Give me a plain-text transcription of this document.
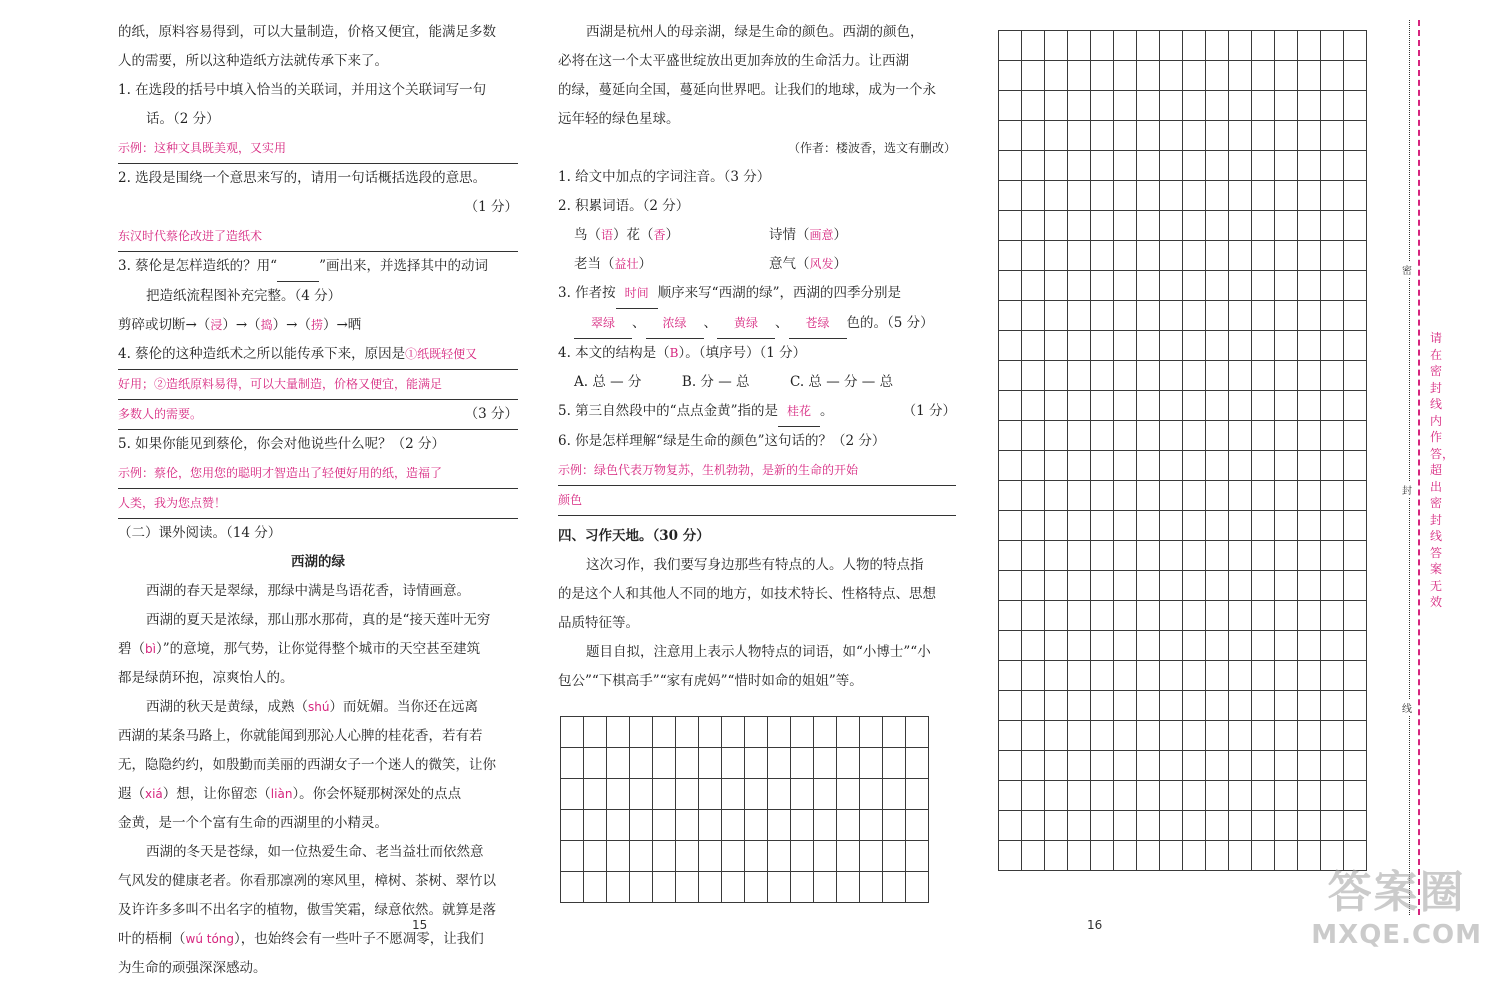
的纸，原料容易得到，可以大量制造，价格又便宜，能满足多数

人的需要，所以这种造纸方法就传承下来了。

1. 在选段的括号中填入恰当的关联词，并用这个关联词写一句

话。（2 分）

示例：这种文具既美观，又实用

2. 选段是围绕一个意思来写的，请用一句话概括选段的意思。

（1 分）

东汉时代蔡伦改进了造纸术

3. 蔡伦是怎样造纸的？用“	”画出来，并选择其中的动词

把造纸流程图补充完整。（4 分）

剪碎或切断→（浸）→（捣）→（捞）→晒

4. 蔡伦的这种造纸术之所以能传承下来，原因是①纸既轻便又

好用；②造纸原料易得，可以大量制造，价格又便宜，能满足

多数人的需要。	（3 分）

5. 如果你能见到蔡伦，你会对他说些什么呢？（2 分）

示例：蔡伦，您用您的聪明才智造出了轻便好用的纸，造福了

人类，我为您点赞！

（二）课外阅读。（14 分）

西湖的绿

西湖的春天是翠绿，那绿中满是鸟语花香，诗情画意。

西湖的夏天是浓绿，那山那水那荷，真的是“接天莲叶无穷

碧（bì）”的意境，那气势，让你觉得整个城市的天空甚至建筑

都是绿荫环抱，凉爽怡人的。

西湖的秋天是黄绿，成熟（shú）而妩媚。当你还在远离

西湖的某条马路上，你就能闻到那沁人心脾的桂花香，若有若

无，隐隐约约，如殷勤而美丽的西湖女子一个迷人的微笑，让你

遐（xiá）想，让你留恋（liàn）。你会怀疑那树深处的点点

金黄，是一个个富有生命的西湖里的小精灵。

西湖的冬天是苍绿，如一位热爱生命、老当益壮而依然意

气风发的健康老者。你看那凛冽的寒风里，樟树、茶树、翠竹以

及许许多多叫不出名字的植物，傲雪笑霜，绿意依然。就算是落

叶的梧桐（wú tóng），也始终会有一些叶子不愿凋零，让我们

为生命的顽强深深感动。

西湖是杭州人的母亲湖，绿是生命的颜色。西湖的颜色，

必将在这一个太平盛世绽放出更加奔放的生命活力。让西湖

的绿，蔓延向全国，蔓延向世界吧。让我们的地球，成为一个永

远年轻的绿色星球。

（作者：楼波香，选文有删改）

1. 给文中加点的字词注音。（3 分）

2. 积累词语。（2 分）

鸟（语）花（香）	诗情（画意）

老当（益壮）	意气（风发）

3. 作者按 时间 顺序来写“西湖的绿”，西湖的四季分别是

翠绿 、 浓绿 、 黄绿 、 苍绿 色的。（5 分）

4. 本文的结构是（B）。（填序号）（1 分）

A. 总 — 分　　　B. 分 — 总　　　C. 总 — 分 — 总

5. 第三自然段中的“点点金黄”指的是 桂花 。	（1 分）

6. 你是怎样理解“绿是生命的颜色”这句话的？（2 分）

示例：绿色代表万物复苏，生机勃勃，是新的生命的开始

颜色

四、习作天地。（30 分）

这次习作，我们要写身边那些有特点的人。人物的特点指

的是这个人和其他人不同的地方，如技术特长、性格特点、思想

品质特征等。

题目自拟，注意用上表示人物特点的词语，如“小博士”“小

包公”“下棋高手”“家有虎妈”“惜时如命的姐姐”等。

15	16
密
封
线
请在密封线内作答，超出密封线答案无效
答案圈
MXQE.COM
